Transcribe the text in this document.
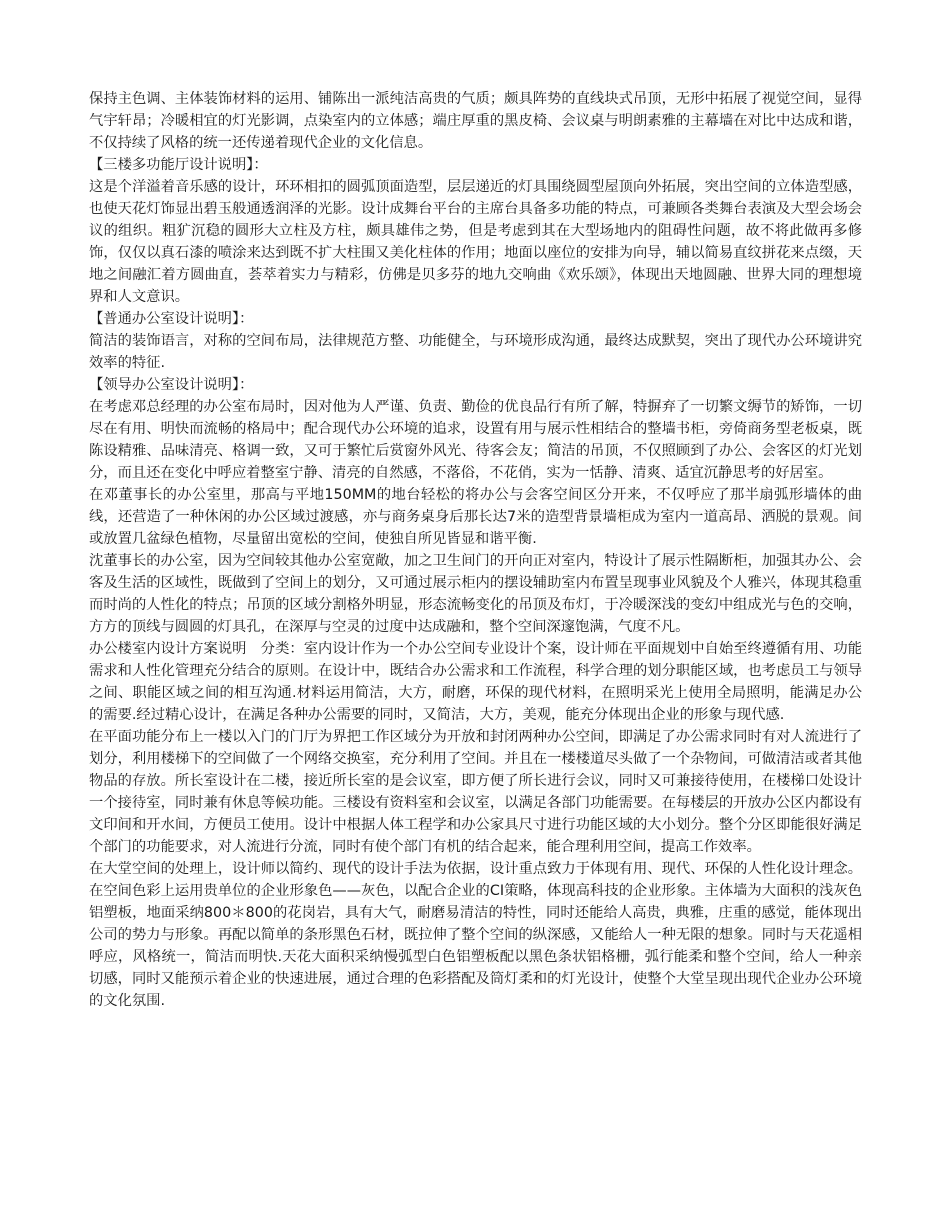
保持主色调、主体装饰材料的运用、铺陈出一派纯洁高贵的气质；颇具阵势的直线块式吊顶，无形中拓展了视觉空间，显得气宇轩昂；冷暖相宜的灯光影调，点染室内的立体感；端庄厚重的黑皮椅、会议桌与明朗素雅的主幕墙在对比中达成和谐，不仅持续了风格的统一还传递着现代企业的文化信息。

【三楼多功能厅设计说明】：

这是个洋溢着音乐感的设计，环环相扣的圆弧顶面造型，层层递近的灯具围绕圆型屋顶向外拓展，突出空间的立体造型感，也使天花灯饰显出碧玉般通透润泽的光影。设计成舞台平台的主席台具备多功能的特点，可兼顾各类舞台表演及大型会场会议的组织。粗犷沉稳的圆形大立柱及方柱，颇具雄伟之势，但是考虑到其在大型场地内的阻碍性问题，故不将此做再多修饰，仅仅以真石漆的喷涂来达到既不扩大柱围又美化柱体的作用；地面以座位的安排为向导，辅以简易直纹拼花来点缀，天地之间融汇着方圆曲直，荟萃着实力与精彩，仿佛是贝多芬的地九交响曲《欢乐颂》，体现出天地圆融、世界大同的理想境界和人文意识。

【普通办公室设计说明】：

简洁的装饰语言，对称的空间布局，法律规范方整、功能健全，与环境形成沟通，最终达成默契，突出了现代办公环境讲究效率的特征.

【领导办公室设计说明】：

在考虑邓总经理的办公室布局时，因对他为人严谨、负责、勤俭的优良品行有所了解，特摒弃了一切繁文缛节的矫饰，一切尽在有用、明快而流畅的格局中；配合现代办公环境的追求，设置有用与展示性相结合的整墙书柜，旁倚商务型老板桌，既陈设精雅、品味清亮、格调一致，又可于繁忙后赏窗外风光、待客会友；简洁的吊顶，不仅照顾到了办公、会客区的灯光划分，而且还在变化中呼应着整室宁静、清亮的自然感，不落俗，不花俏，实为一恬静、清爽、适宜沉静思考的好居室。

在邓董事长的办公室里，那高与平地150MM的地台轻松的将办公与会客空间区分开来，不仅呼应了那半扇弧形墙体的曲线，还营造了一种休闲的办公区域过渡感，亦与商务桌身后那长达7米的造型背景墙柜成为室内一道高昂、洒脱的景观。间或放置几盆绿色植物，尽量留出宽松的空间，使独自所见皆显和谐平衡.

沈董事长的办公室，因为空间较其他办公室宽敞，加之卫生间门的开向正对室内，特设计了展示性隔断柜，加强其办公、会客及生活的区域性，既做到了空间上的划分，又可通过展示柜内的摆设辅助室内布置呈现事业风貌及个人雅兴，体现其稳重而时尚的人性化的特点；吊顶的区域分割格外明显，形态流畅变化的吊顶及布灯，于冷暖深浅的变幻中组成光与色的交响，方方的顶线与圆圆的灯具孔，在深厚与空灵的过度中达成融和，整个空间深邃饱满，气度不凡。

办公楼室内设计方案说明　分类：室内设计作为一个办公空间专业设计个案，设计师在平面规划中自始至终遵循有用、功能需求和人性化管理充分结合的原则。在设计中，既结合办公需求和工作流程，科学合理的划分职能区域，也考虑员工与领导之间、职能区域之间的相互沟通.材料运用简洁，大方，耐磨，环保的现代材料，在照明采光上使用全局照明，能满足办公的需要.经过精心设计，在满足各种办公需要的同时，又简洁，大方，美观，能充分体现出企业的形象与现代感.

在平面功能分布上一楼以入门的门厅为界把工作区域分为开放和封闭两种办公空间，即满足了办公需求同时有对人流进行了划分，利用楼梯下的空间做了一个网络交换室，充分利用了空间。并且在一楼楼道尽头做了一个杂物间，可做清洁或者其他物品的存放。所长室设计在二楼，接近所长室的是会议室，即方便了所长进行会议，同时又可兼接待使用，在楼梯口处设计一个接待室，同时兼有休息等候功能。三楼设有资料室和会议室，以满足各部门功能需要。在每楼层的开放办公区内都设有文印间和开水间，方便员工使用。设计中根据人体工程学和办公家具尺寸进行功能区域的大小划分。整个分区即能很好满足个部门的功能要求，对人流进行分流，同时有使个部门有机的结合起来，能合理利用空间，提高工作效率。

在大堂空间的处理上，设计师以简约、现代的设计手法为依据，设计重点致力于体现有用、现代、环保的人性化设计理念。在空间色彩上运用贵单位的企业形象色——灰色，以配合企业的CI策略，体现高科技的企业形象。主体墙为大面积的浅灰色铝塑板，地面采纳800＊800的花岗岩，具有大气，耐磨易清洁的特性，同时还能给人高贵，典雅，庄重的感觉，能体现出公司的势力与形象。再配以简单的条形黑色石材，既拉伸了整个空间的纵深感，又能给人一种无限的想象。同时与天花遥相呼应，风格统一，简洁而明快.天花大面积采纳慢弧型白色铝塑板配以黑色条状铝格栅，弧行能柔和整个空间，给人一种亲切感，同时又能预示着企业的快速进展，通过合理的色彩搭配及筒灯柔和的灯光设计，使整个大堂呈现出现代企业办公环境的文化氛围.
